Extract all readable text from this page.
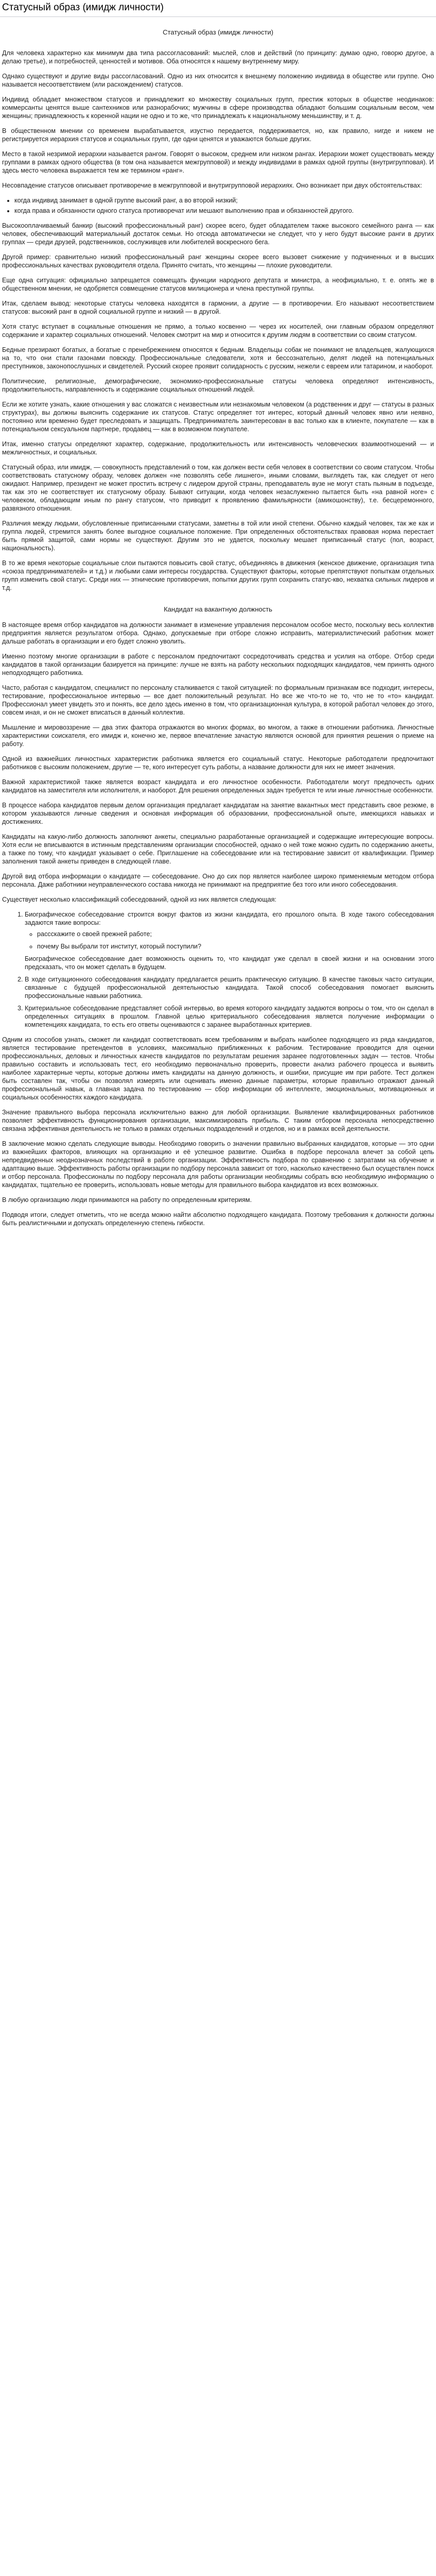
Статусный образ (имидж личности)
Статусный образ (имидж личности)

Для человека характерно как минимум два типа рассогласований: мыслей, слов и действий (по принципу: думаю одно, говорю другое, а делаю третье), и потребностей, ценностей и мотивов. Оба относятся к нашему внутреннему миру.

Однако существуют и другие виды рассогласований. Одно из них относится к внешнему положению индивида в обществе или группе. Оно называется несоответствием (или расхождением) статусов.

Индивид обладает множеством статусов и принадлежит ко множеству социальных групп, престиж которых в обществе неодинаков: коммерсанты ценятся выше сантехников или разнорабочих; мужчины в сфере производства обладают большим социальным весом, чем женщины; принадлежность к коренной нации не одно и то же, что принадлежать к национальному меньшинству, и т. д.

В общественном мнении со временем вырабатывается, изустно передается, поддерживается, но, как правило, нигде и никем не регистрируется иерархия статусов и социальных групп, где одни ценятся и уважаются больше других.

Место в такой незримой иерархии называется рангом. Говорят о высоком, среднем или низком рангах. Иерархии может существовать между группами в рамках одного общества (в том она называется межгрупповой) и между индивидами в рамках одной группы (внутригрупповая). И здесь место человека выражается тем же термином «ранг».

Несовпадение статусов описывает противоречие в межгрупповой и внутригрупповой иерархиях. Оно возникает при двух обстоятельствах:

• когда индивид занимает в одной группе высокий ранг, а во второй низкий;
• когда права и обязанности одного статуса противоречат или мешают выполнению прав и обязанностей другого.

Высокооплачиваемый банкир (высокий профессиональный ранг) скорее всего, будет обладателем также высокого семейного ранга — как человек, обеспечивающий материальный достаток семьи. Но отсюда автоматически не следует, что у него будут высокие ранги в других группах — среди друзей, родственников, сослуживцев или любителей воскресного бега.

Другой пример: сравнительно низкий профессиональный ранг женщины скорее всего вызовет снижение у подчиненных и в высших профессиональных качествах руководителя отдела. Принято считать, что женщины — плохие руководители.

Еще одна ситуация: официально запрещается совмещать функции народного депутата и министра, а неофициально, т. е. опять же в общественном мнении, не одобряется совмещение статусов милиционера и члена преступной группы.

Итак, сделаем вывод: некоторые статусы человека находятся в гармонии, а другие — в противоречии. Его называют несоответствием статусов: высокий ранг в одной социальной группе и низкий — в другой.

Хотя статус вступает в социальные отношения не прямо, а только косвенно — через их носителей, они главным образом определяют содержание и характер социальных отношений. Человек смотрит на мир и относится к другим людям в соответствии со своим статусом.

Бедные презирают богатых, а богатые с пренебрежением относятся к бедным. Владельцы собак не понимают не владельцев, жалующихся на то, что они стали газонами повсюду. Профессиональные следователи, хотя и бессознательно, делят людей на потенциальных преступников, законопослушных и свидетелей. Русский скорее проявит солидарность с русским, нежели с евреем или татарином, и наоборот.

Политические, религиозные, демографические, экономико-профессиональные статусы человека определяют интенсивность, продолжительность, направленность и содержание социальных отношений людей.

Если же хотите узнать, какие отношения у вас сложатся с неизвестным или незнакомым человеком (а родственник и друг — статусы в разных структурах), вы должны выяснить содержание их статусов. Статус определяет тот интерес, который данный человек явно или неявно, постоянно или временно будет преследовать и защищать. Предприниматель заинтересован в вас только как в клиенте, покупателе — как в потенциальном сексуальном партнере, продавец — как в возможном покупателе.

Итак, именно статусы определяют характер, содержание, продолжительность или интенсивность человеческих взаимоотношений — и межличностных, и социальных.

Статусный образ, или имидж, — совокупность представлений о том, как должен вести себя человек в соответствии со своим статусом. Чтобы соответствовать статусному образу, человек должен «не позволять себе лишнего», иными словами, выглядеть так, как следует от него ожидают. Например, президент не может простить встречу с лидером другой страны, преподаватель вузе не могут стать пьяным в подъезде, так как это не соответствует их статусному образу. Бывают ситуации, когда человек незаслуженно пытается быть «на равной ноге» с человеком, обладающим иным по рангу статусом, что приводит к проявлению фамильярности (амикошонству), т.е. бесцеремонного, развязного отношения.

Различия между людьми, обусловленные приписанными статусами, заметны в той или иной степени. Обычно каждый человек, так же как и группа людей, стремится занять более выгодное социальное положение. При определенных обстоятельствах правовая норма перестает быть прямой защитой, сами нормы не существуют. Другим это не удается, поскольку мешает приписанный статус (пол, возраст, национальность).

В то же время некоторые социальные слои пытаются повысить свой статус, объединяясь в движения (женское движение, организация типа «союза предпринимателей» и т.д.) и любыми сами интересы государства. Существуют факторы, которые препятствуют попыткам отдельных групп изменить свой статус. Среди них — этнические противоречия, попытки других групп сохранить статус-кво, нехватка сильных лидеров и т.д.

Кандидат на вакантную должность

В настоящее время отбор кандидатов на должности занимает в изменение управления персоналом особое место, поскольку весь коллектив предприятия является результатом отбора. Однако, допускаемые при отборе сложно исправить, материалистический работник может дальше работать в организации и его будет сложно уволить.

Именно поэтому многие организации в работе с персоналом предпочитают сосредоточивать средства и усилия на отборе. Отбор среди кандидатов в такой организации базируется на принципе: лучше не взять на работу нескольких подходящих кандидатов, чем принять одного неподходящего работника.

Часто, работая с кандидатом, специалист по персоналу сталкивается с такой ситуацией: по формальным признакам все подходит, интересы, тестирование, профессиональное интервью — все дает положительный результат. Но все же что-то не то, что не то «то» кандидат. Профессионал умеет увидеть это и понять, все дело здесь именно в том, что организационная культура, в которой работал человек до этого, совсем иная, и он не сможет вписаться в данный коллектив.

Мышление и мировоззрение — два этих фактора отражаются во многих формах, во многом, а также в отношении работника. Личностные характеристики соискателя, его имидж и, конечно же, первое впечатление зачастую являются основой для принятия решения о приеме на работу.

Одной из важнейших личностных характеристик работника является его социальный статус. Некоторые работодатели предпочитают работников с высоким положением, другие — те, кого интересует суть работы, а название должности для них не имеет значения.

Важной характеристикой также является возраст кандидата и его личностное особенности. Работодатели могут предпочесть одних кандидатов на заместителя или исполнителя, и наоборот. Для решения определенных задач требуется те или иные личностные особенности.

В процессе набора кандидатов первым делом организация предлагает кандидатам на занятие вакантных мест представить свое резюме, в котором указываются личные сведения и основная информация об образовании, профессиональной опыте, имеющихся навыках и достижениях.

Кандидаты на какую-либо должность заполняют анкеты, специально разработанные организацией и содержащие интересующие вопросы. Хотя если не вписываются в истинным представлениям организации способностей, однако о ней тоже можно судить по содержанию анкеты, а также по тому, что кандидат указывает о себе. Приглашение на собеседование или на тестирование зависит от квалификации. Пример заполнения такой анкеты приведен в следующей главе.

Другой вид отбора информации о кандидате — собеседование. Оно до сих пор является наиболее широко применяемым методом отбора персонала. Даже работники неуправленческого состава никогда не принимают на предприятие без того или иного собеседования.

Существует несколько классификаций собеседований, одной из них является следующая:

1. Биографическое собеседование строится вокруг фактов из жизни кандидата, его прошлого опыта. В ходе такого собеседования задаются такие вопросы:
◦ рассскажите о своей прежней работе;
◦ почему Вы выбрали тот институт, который поступили?
Биографическое собеседование дает возможность оценить то, что кандидат уже сделал в своей жизни и на основании этого предсказать, что он может сделать в будущем.
2. В ходе ситуационного собеседования кандидату предлагается решить практическую ситуацию. В качестве таковых часто ситуации, связанные с будущей профессиональной деятельностью кандидата. Такой способ собеседования помогает выяснить профессиональные навыки работника.
3. Критериальное собеседование представляет собой интервью, во время которого кандидату задаются вопросы о том, что он сделал в определенных ситуациях в прошлом. Главной целью критериального собеседования является получение информации о компетенциях кандидата, то есть его ответы оцениваются с заранее выработанных критериев.

Одним из способов узнать, сможет ли кандидат соответствовать всем требованиям и выбрать наиболее подходящего из ряда кандидатов, является тестирование претендентов в условиях, максимально приближенных к рабочим. Тестирование проводится для оценки профессиональных, деловых и личностных качеств кандидатов по результатам решения заранее подготовленных задач — тестов. Чтобы правильно составить и использовать тест, его необходимо первоначально проверить, провести анализ рабочего процесса и выявить наиболее характерные черты, которые должны иметь кандидаты на данную должность, и ошибки, присущие им при работе. Тест должен быть составлен так, чтобы он позволял измерять или оценивать именно данные параметры, которые правильно отражают данный профессиональный навык, а главная задача по тестированию — сбор информации об интеллекте, эмоциональных, мотивационных и социальных особенностях каждого кандидата.

Значение правильного выбора персонала исключительно важно для любой организации. Выявление квалифицированных работников позволяет эффективность функционирования организации, максимизировать прибыль. С таким отбором персонала непосредственно связана эффективная деятельность не только в рамках отдельных подразделений и отделов, но и в рамках всей деятельности.

В заключение можно сделать следующие выводы. Необходимо говорить о значении правильно выбранных кандидатов, которые — это одни из важнейших факторов, влияющих на организацию и её успешное развитие. Ошибка в подборе персонала влечет за собой цепь непредвиденных неоднозначных последствий в работе организации. Эффективность подбора по сравнению с затратами на обучение и адаптацию выше. Эффективность работы организации по подбору персонала зависит от того, насколько качественно был осуществлен поиск и отбор персонала. Профессионалы по подбору персонала для работы организации необходимы собрать всю необходимую информацию о кандидатах, тщательно ее проверить, использовать новые методы для правильного выбора кандидатов из всех возможных.

В любую организацию люди принимаются на работу по определенным критериям.

Подводя итоги, следует отметить, что не всегда можно найти абсолютно подходящего кандидата. Поэтому требования к должности должны быть реалистичными и допускать определенную степень гибкости.
